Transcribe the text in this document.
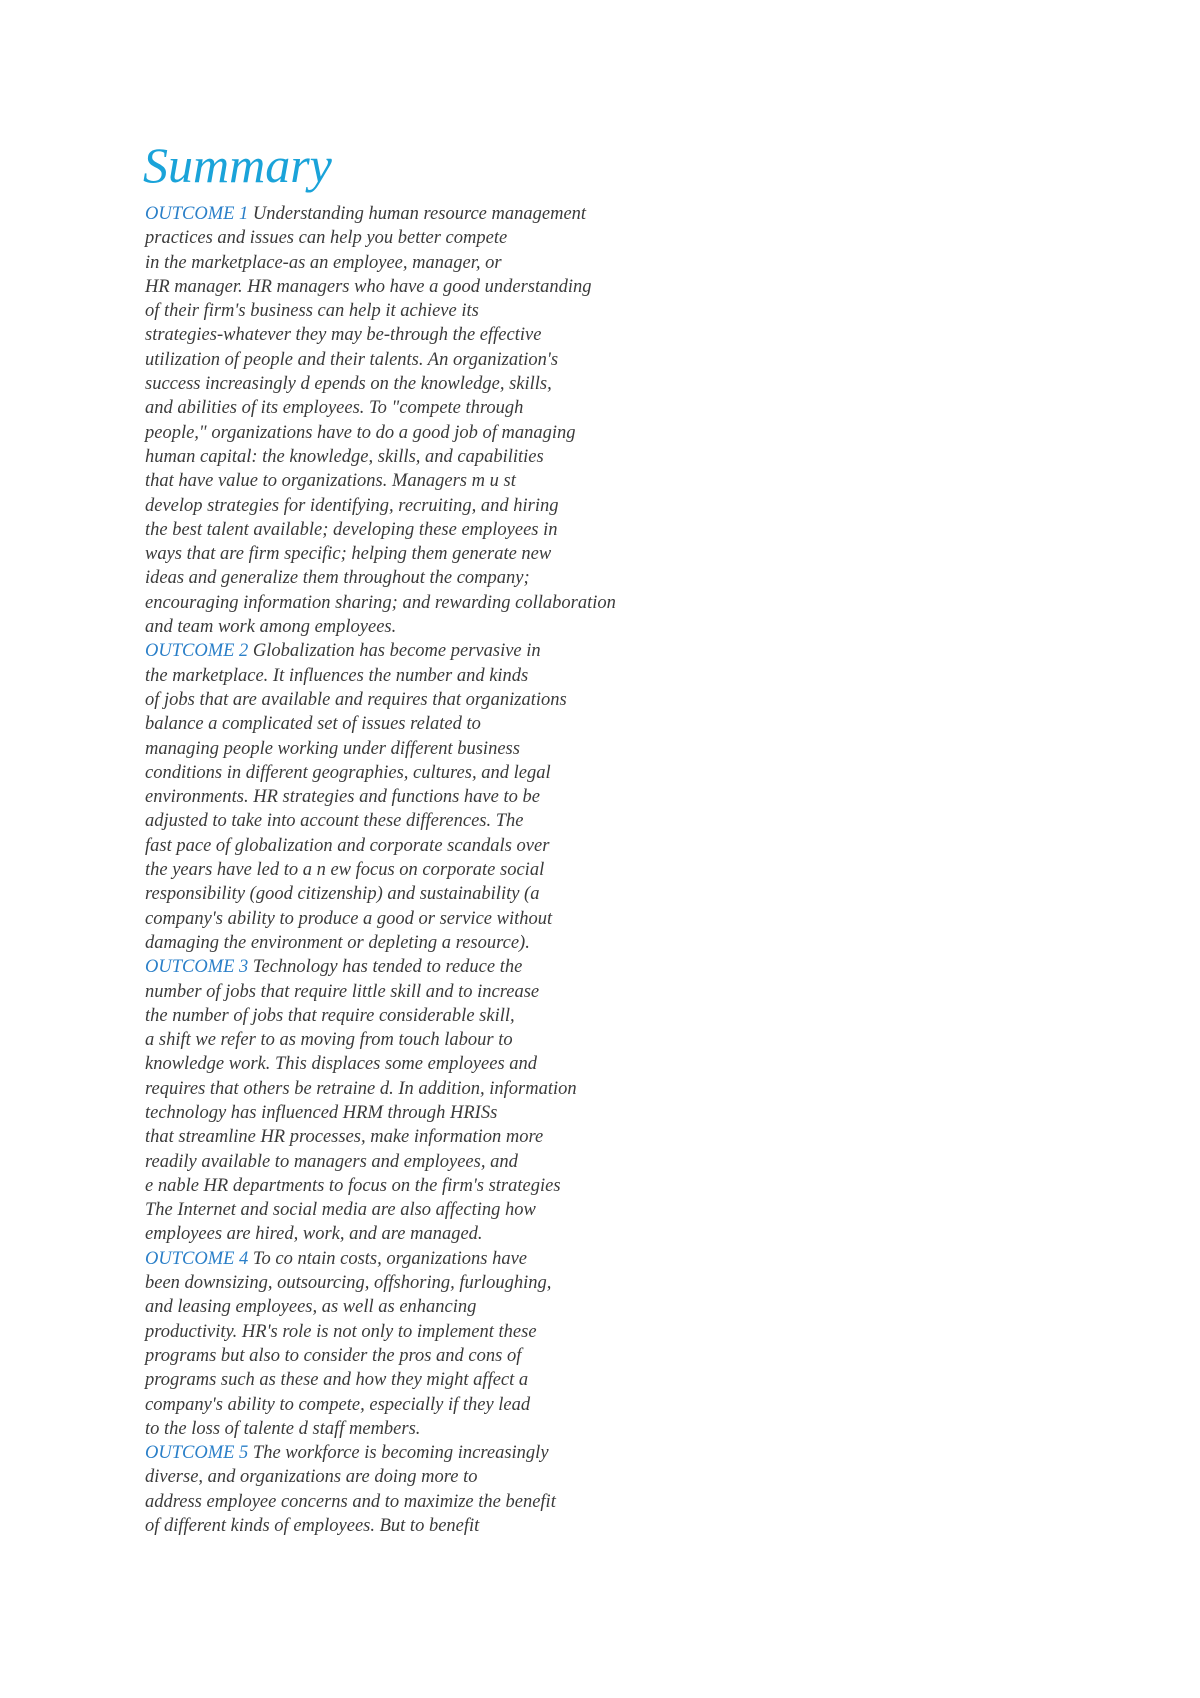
Summary
OUTCOME 1 Understanding human resource management
practices and issues can help you better compete
in the marketplace-as an employee, manager, or
HR manager. HR managers who have a good understanding
of their firm's business can help it achieve its
strategies-whatever they may be-through the effective
utilization of people and their talents. An organization's
success increasingly d epends on the knowledge, skills,
and abilities of its employees. To "compete through
people," organizations have to do a good job of managing
human capital: the knowledge, skills, and capabilities
that have value to organizations. Managers m u st
develop strategies for identifying, recruiting, and hiring
the best talent available; developing these employees in
ways that are firm specific; helping them generate new
ideas and generalize them throughout the company;
encouraging information sharing; and rewarding collaboration
and team work among employees.
OUTCOME 2 Globalization has become pervasive in
the marketplace. It influences the number and kinds
of jobs that are available and requires that organizations
balance a complicated set of issues related to
managing people working under different business
conditions in different geographies, cultures, and legal
environments. HR strategies and functions have to be
adjusted to take into account these differences. The
fast pace of globalization and corporate scandals over
the years have led to a n ew focus on corporate social
responsibility (good citizenship) and sustainability (a
company's ability to produce a good or service without
damaging the environment or depleting a resource).
OUTCOME 3 Technology has tended to reduce the
number of jobs that require little skill and to increase
the number of jobs that require considerable skill,
a shift we refer to as moving from touch labour to
knowledge work. This displaces some employees and
requires that others be retraine d. In addition, information
technology has influenced HRM through HRISs
that streamline HR processes, make information more
readily available to managers and employees, and
e nable HR departments to focus on the firm's strategies
The Internet and social media are also affecting how
employees are hired, work, and are managed.
OUTCOME 4 To co ntain costs, organizations have
been downsizing, outsourcing, offshoring, furloughing,
and leasing employees, as well as enhancing
productivity. HR's role is not only to implement these
programs but also to consider the pros and cons of
programs such as these and how they might affect a
company's ability to compete, especially if they lead
to the loss of talente d staff members.
OUTCOME 5 The workforce is becoming increasingly
diverse, and organizations are doing more to
address employee concerns and to maximize the benefit
of different kinds of employees. But to benefit
